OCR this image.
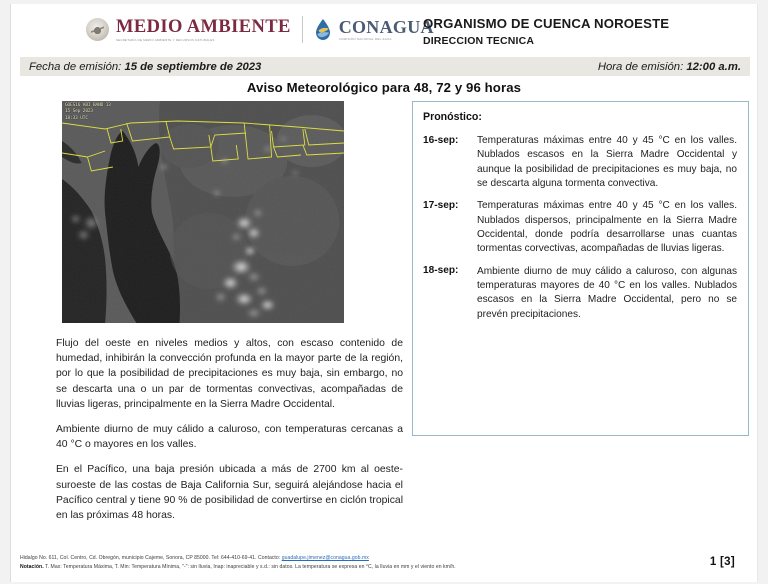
MEDIO AMBIENTE
SECRETARÍA DE MEDIO AMBIENTE Y RECURSOS NATURALES
CONAGUA
COMISIÓN NACIONAL DEL AGUA
ORGANISMO DE CUENCA NOROESTE
DIRECCION TECNICA
Fecha de emisión: 15 de septiembre de 2023	Hora de emisión: 12:00 a.m.
Aviso Meteorológico para 48, 72 y 96 horas
GOES16 ABI BAND 13
15 Sep 2023
18:33 UTC	Pronóstico:
16-sep:	Temperaturas máximas entre 40 y 45 °C en los valles. Nublados escasos en la Sierra Madre Occidental y aunque la posibilidad de precipitaciones es muy baja, no se descarta alguna tormenta convectiva.
17-sep:	Temperaturas máximas entre 40 y 45 °C en los valles. Nublados dispersos, principalmente en la Sierra Madre Occidental, donde podría desarrollarse unas cuantas tormentas corvectivas, acompañadas de lluvias ligeras.
18-sep:	Ambiente diurno de muy cálido a caluroso, con algunas temperaturas mayores de 40 °C en los valles. Nublados escasos en la Sierra Madre Occidental, pero no se prevén precipitaciones.

Flujo del oeste en niveles medios y altos, con escaso contenido de humedad, inhibirán la convección profunda en la mayor parte de la región, por lo que la posibilidad de precipitaciones es muy baja, sin embargo, no se descarta una o un par de tormentas convectivas, acompañadas de lluvias ligeras, principalmente en la Sierra Madre Occidental.

Ambiente diurno de muy cálido a caluroso, con temperaturas cercanas a 40 °C o mayores en los valles.

En el Pacífico, una baja presión ubicada a más de 2700 km al oeste-suroeste de las costas de Baja California Sur, seguirá alejándose hacia el Pacífico central y tiene 90 % de posibilidad de convertirse en ciclón tropical en las próximas 48 horas.

Hidalgo No. 611, Col. Centro, Cd. Obregón, municipio Cajeme, Sonora, CP 85000. Tel: 644-410-69-41. Contacto: guadalupe.jimenez@conagua.gob.mx
Notación. T. Max: Temperatura Máxima, T. Min: Temperatura Mínima, "-": sin lluvia, Inap: inapreciable y s.d.: sin datos. La temperatura se expresa en °C, la lluvia en mm y el viento en km/h.	1 [3]
